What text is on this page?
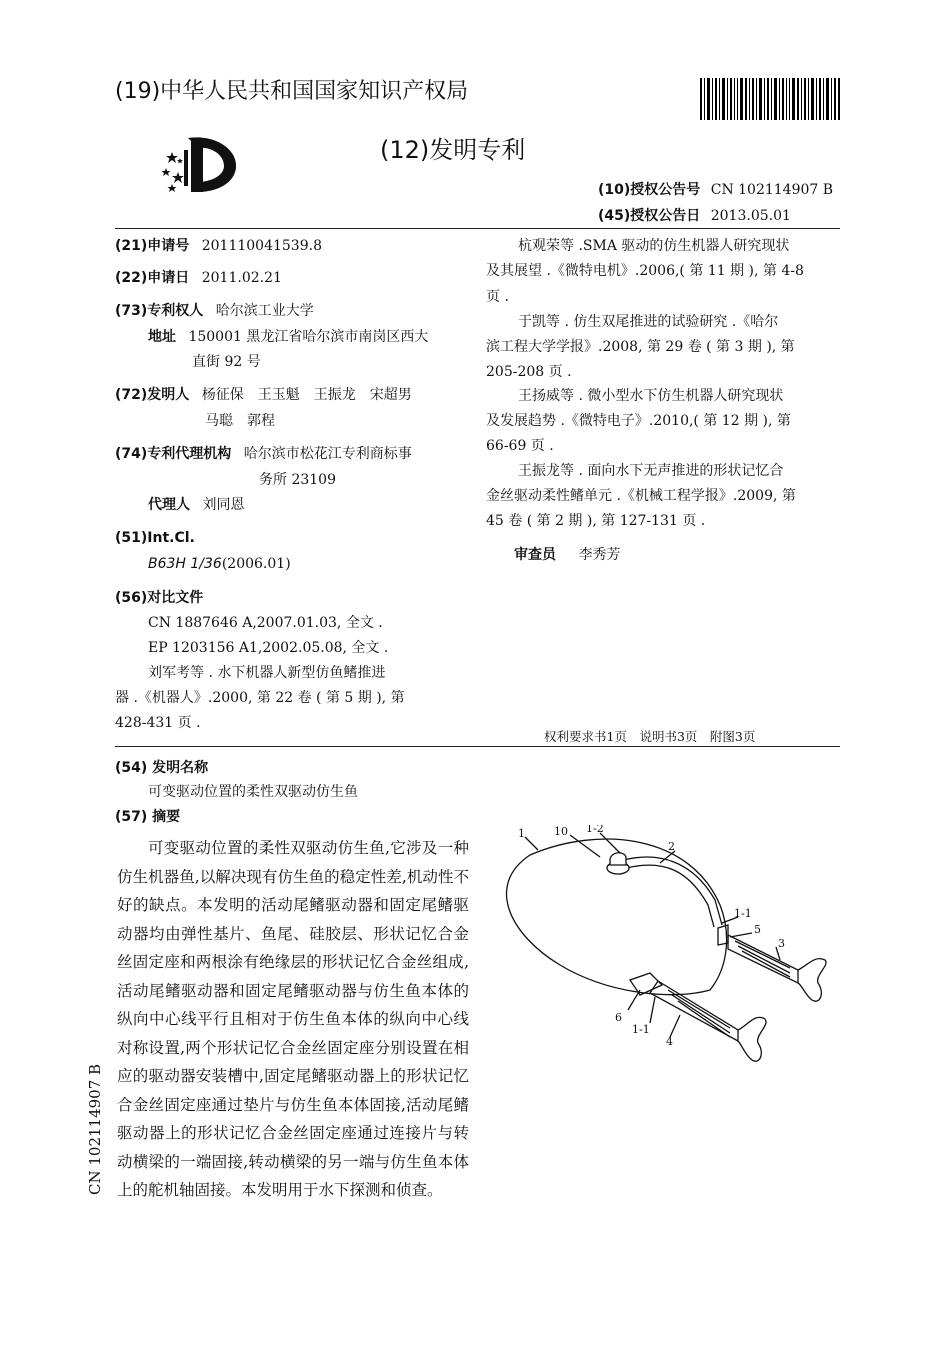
(19)中华人民共和国国家知识产权局
(12)发明专利
(10)授权公告号 CN 102114907 B
(45)授权公告日 2013.05.01
(21)申请号 201110041539.8
(22)申请日 2011.02.21
(73)专利权人 哈尔滨工业大学
地址 150001 黑龙江省哈尔滨市南岗区西大
直街 92 号
(72)发明人 杨征保　王玉魁　王振龙　宋超男
马聪　郭程
(74)专利代理机构 哈尔滨市松花江专利商标事
务所 23109
代理人 刘同恩
(51)Int.Cl.
B63H 1/36(2006.01)
(56)对比文件
CN 1887646 A,2007.01.03, 全文 .
EP 1203156 A1,2002.05.08, 全文 .
刘军考等 . 水下机器人新型仿鱼鳍推进
器 .《机器人》.2000, 第 22 卷 ( 第 5 期 ), 第
428-431 页 .
杭观荣等 .SMA 驱动的仿生机器人研究现状
及其展望 .《微特电机》.2006,( 第 11 期 ), 第 4-8
页 .
于凯等 . 仿生双尾推进的试验研究 .《哈尔
滨工程大学学报》.2008, 第 29 卷 ( 第 3 期 ), 第
205-208 页 .
王扬威等 . 微小型水下仿生机器人研究现状
及发展趋势 .《微特电子》.2010,( 第 12 期 ), 第
66-69 页 .
王振龙等 . 面向水下无声推进的形状记忆合
金丝驱动柔性鳍单元 .《机械工程学报》.2009, 第
45 卷 ( 第 2 期 ), 第 127-131 页 .
审查员 李秀芳
权利要求书1页　说明书3页　附图3页
(54) 发明名称
可变驱动位置的柔性双驱动仿生鱼
(57) 摘要
可变驱动位置的柔性双驱动仿生鱼,它涉及一种仿生机器鱼,以解决现有仿生鱼的稳定性差,机动性不好的缺点。本发明的活动尾鳍驱动器和固定尾鳍驱动器均由弹性基片、鱼尾、硅胶层、形状记忆合金丝固定座和两根涂有绝缘层的形状记忆合金丝组成,活动尾鳍驱动器和固定尾鳍驱动器与仿生鱼本体的纵向中心线平行且相对于仿生鱼本体的纵向中心线对称设置,两个形状记忆合金丝固定座分别设置在相应的驱动器安装槽中,固定尾鳍驱动器上的形状记忆合金丝固定座通过垫片与仿生鱼本体固接,活动尾鳍驱动器上的形状记忆合金丝固定座通过连接片与转动横梁的一端固接,转动横梁的另一端与仿生鱼本体上的舵机轴固接。本发明用于水下探测和侦查。
CN 102114907 B
1	10 1-2
2
1-1
5
3
6
1-1
4
